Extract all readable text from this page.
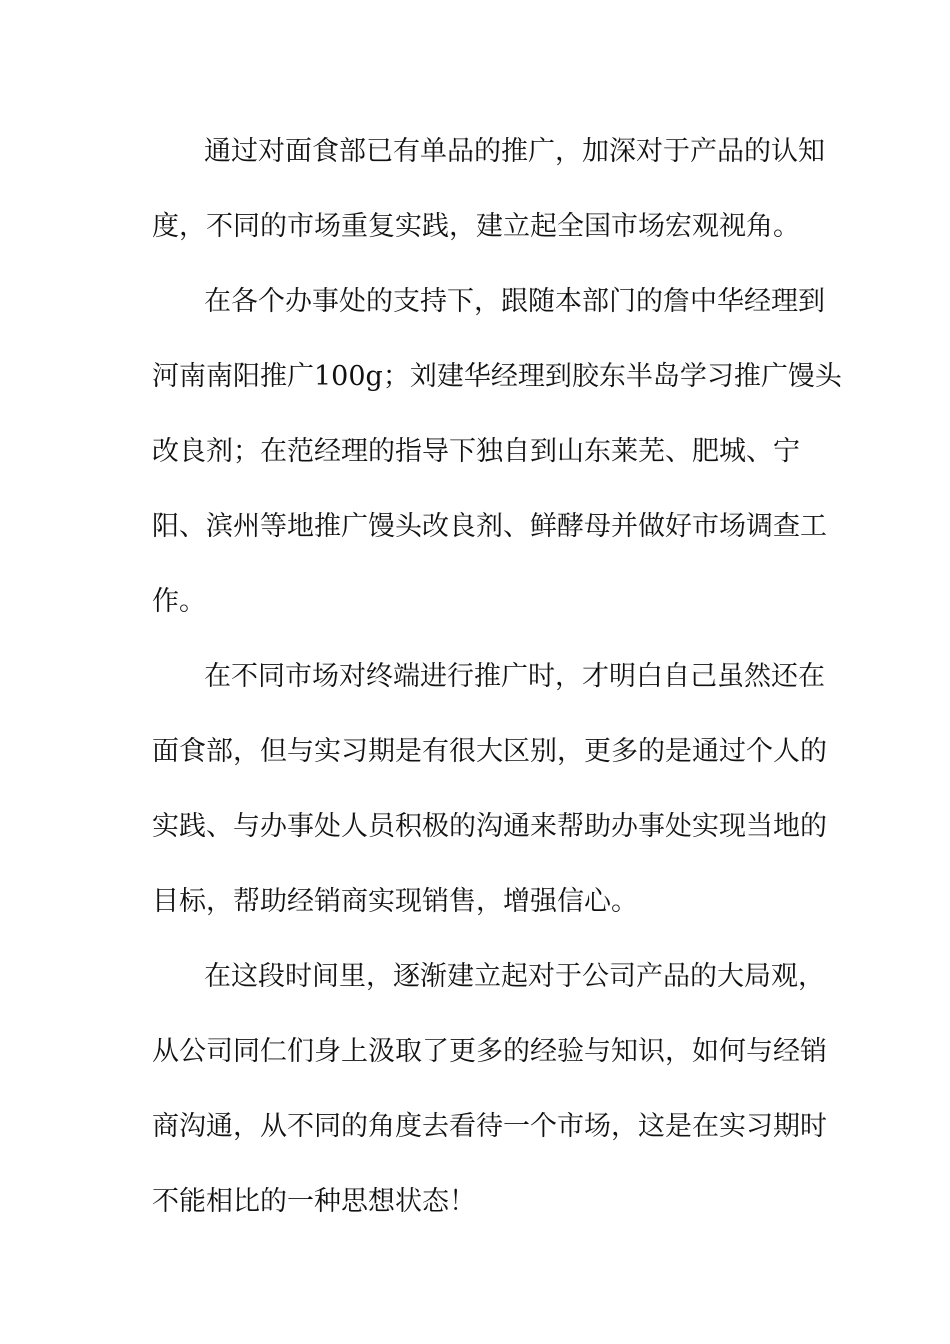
通过对面食部已有单品的推广，加深对于产品的认知
度，不同的市场重复实践，建立起全国市场宏观视角。
在各个办事处的支持下，跟随本部门的詹中华经理到
河南南阳推广100g；刘建华经理到胶东半岛学习推广馒头
改良剂；在范经理的指导下独自到山东莱芜、肥城、宁
阳、滨州等地推广馒头改良剂、鲜酵母并做好市场调查工
作。
在不同市场对终端进行推广时，才明白自己虽然还在
面食部，但与实习期是有很大区别，更多的是通过个人的
实践、与办事处人员积极的沟通来帮助办事处实现当地的
目标，帮助经销商实现销售，增强信心。
在这段时间里，逐渐建立起对于公司产品的大局观，
从公司同仁们身上汲取了更多的经验与知识，如何与经销
商沟通，从不同的角度去看待一个市场，这是在实习期时
不能相比的一种思想状态！
